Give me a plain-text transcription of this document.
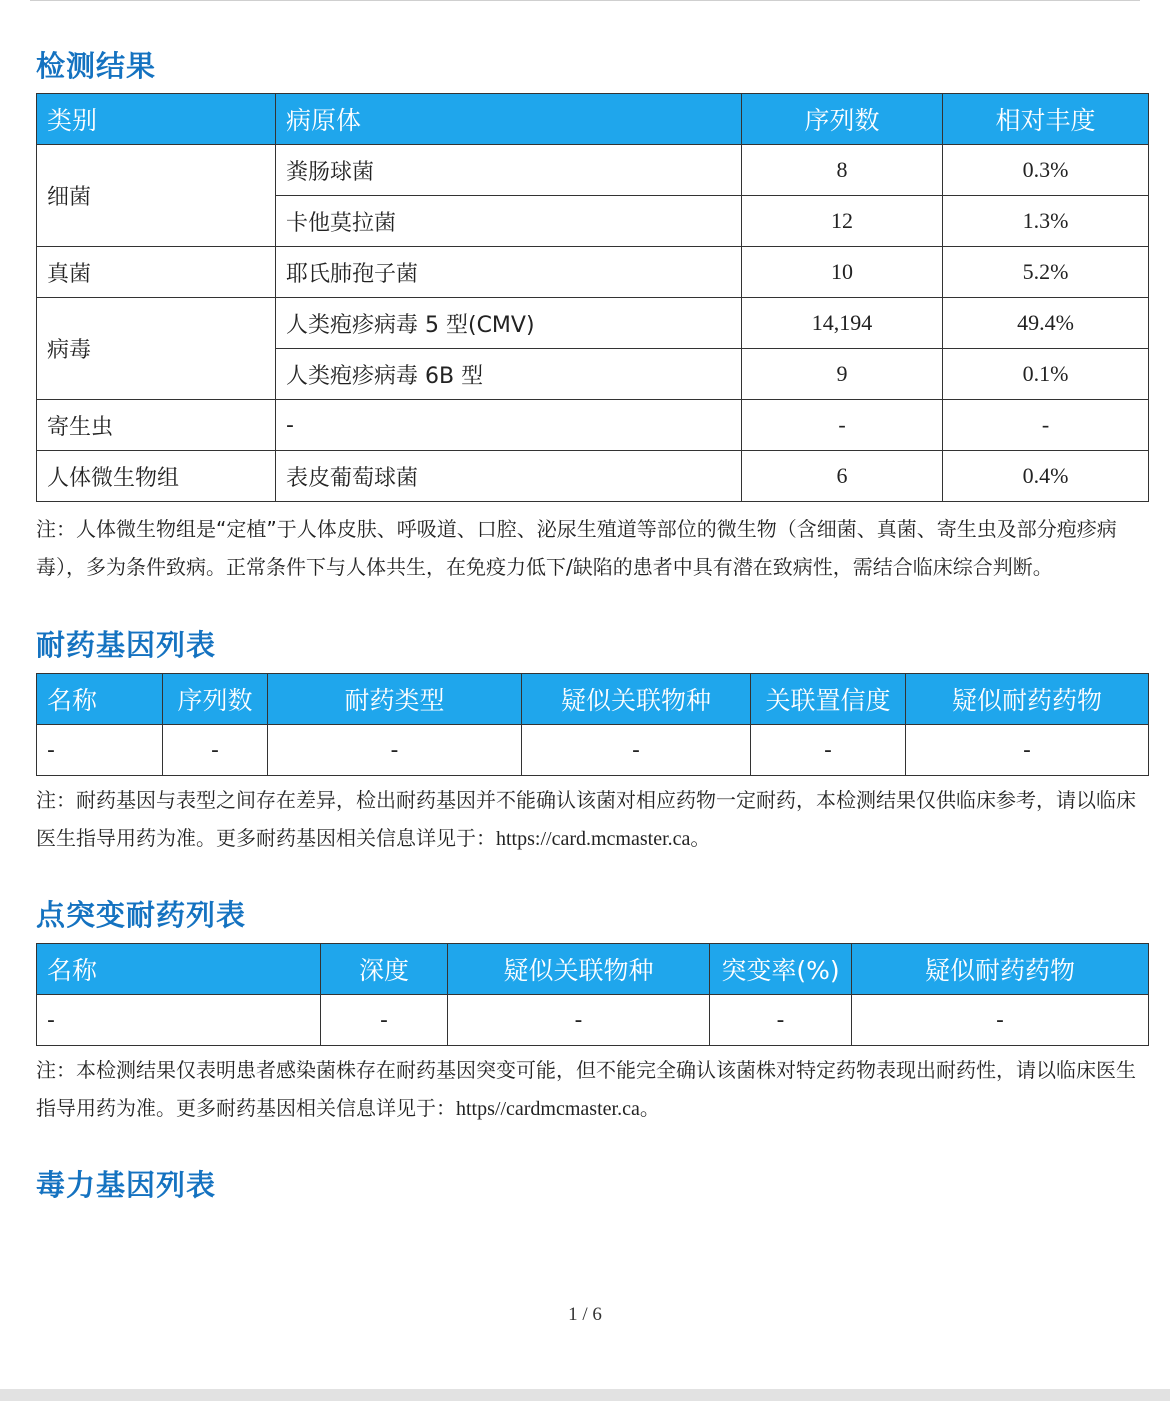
检测结果
类别	病原体	序列数	相对丰度
细菌	粪肠球菌	8	0.3%
	卡他莫拉菌	12	1.3%
真菌	耶氏肺孢子菌	10	5.2%
病毒	人类疱疹病毒 5 型(CMV)	14,194	49.4%
	人类疱疹病毒 6B 型	9	0.1%
寄生虫	-	-	-
人体微生物组	表皮葡萄球菌	6	0.4%

注：人体微生物组是“定植”于人体皮肤、呼吸道、口腔、泌尿生殖道等部位的微生物（含细菌、真菌、寄生虫及部分疱疹病毒），多为条件致病。正常条件下与人体共生，在免疫力低下/缺陷的患者中具有潜在致病性，需结合临床综合判断。

耐药基因列表
名称	序列数	耐药类型	疑似关联物种	关联置信度	疑似耐药药物
-	-	-	-	-	-

注：耐药基因与表型之间存在差异，检出耐药基因并不能确认该菌对相应药物一定耐药，本检测结果仅供临床参考，请以临床医生指导用药为准。更多耐药基因相关信息详见于：https://card.mcmaster.ca。

点突变耐药列表
名称	深度	疑似关联物种	突变率(%)	疑似耐药药物
-	-	-	-	-

注：本检测结果仅表明患者感染菌株存在耐药基因突变可能，但不能完全确认该菌株对特定药物表现出耐药性，请以临床医生指导用药为准。更多耐药基因相关信息详见于：https//cardmcmaster.ca。

毒力基因列表
1 / 6
